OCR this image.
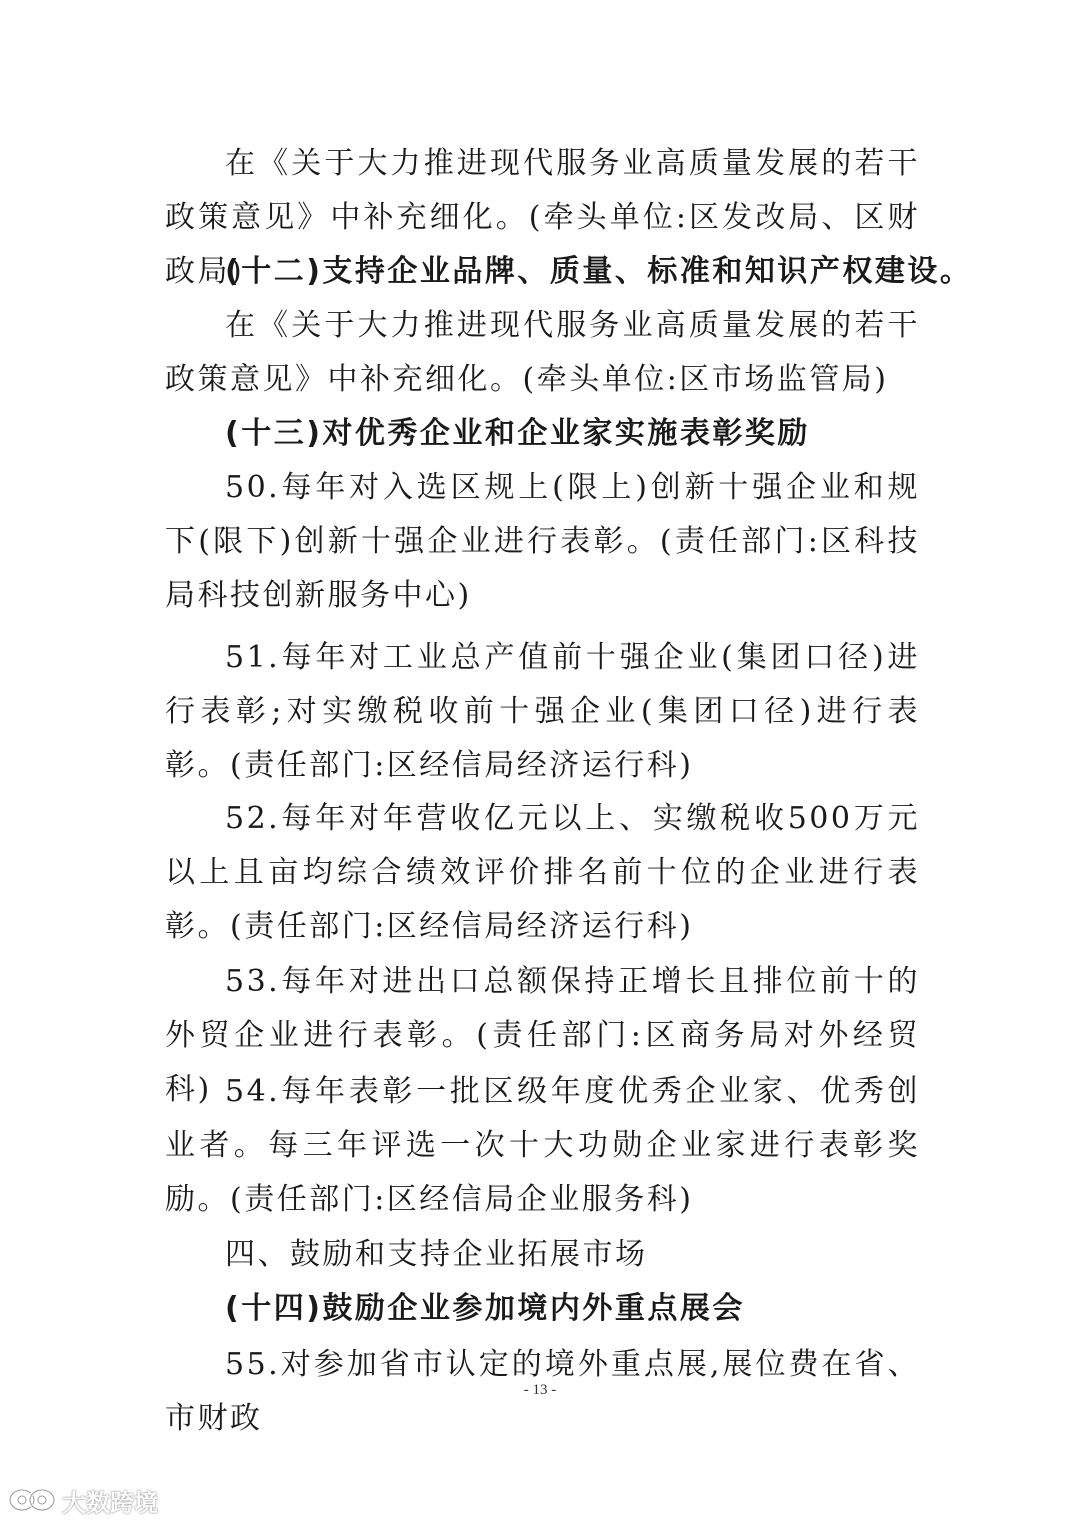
在《关于大力推进现代服务业高质量发展的若干政策意见》中补充细化。(牵头单位:区发改局、区财政局)

(十二)支持企业品牌、质量、标准和知识产权建设。

在《关于大力推进现代服务业高质量发展的若干政策意见》中补充细化。(牵头单位:区市场监管局)

(十三)对优秀企业和企业家实施表彰奖励

50.每年对入选区规上(限上)创新十强企业和规下(限下)创新十强企业进行表彰。(责任部门:区科技局科技创新服务中心)

51.每年对工业总产值前十强企业(集团口径)进行表彰;对实缴税收前十强企业(集团口径)进行表彰。(责任部门:区经信局经济运行科)

52.每年对年营收亿元以上、实缴税收500万元以上且亩均综合绩效评价排名前十位的企业进行表彰。(责任部门:区经信局经济运行科)

53.每年对进出口总额保持正增长且排位前十的外贸企业进行表彰。(责任部门:区商务局对外经贸科) 54.每年表彰一批区级年度优秀企业家、优秀创业者。每三年评选一次十大功勋企业家进行表彰奖励。(责任部门:区经信局企业服务科)

四、鼓励和支持企业拓展市场

(十四)鼓励企业参加境内外重点展会

55.对参加省市认定的境外重点展,展位费在省、市财政

- 13 -
大数跨境
